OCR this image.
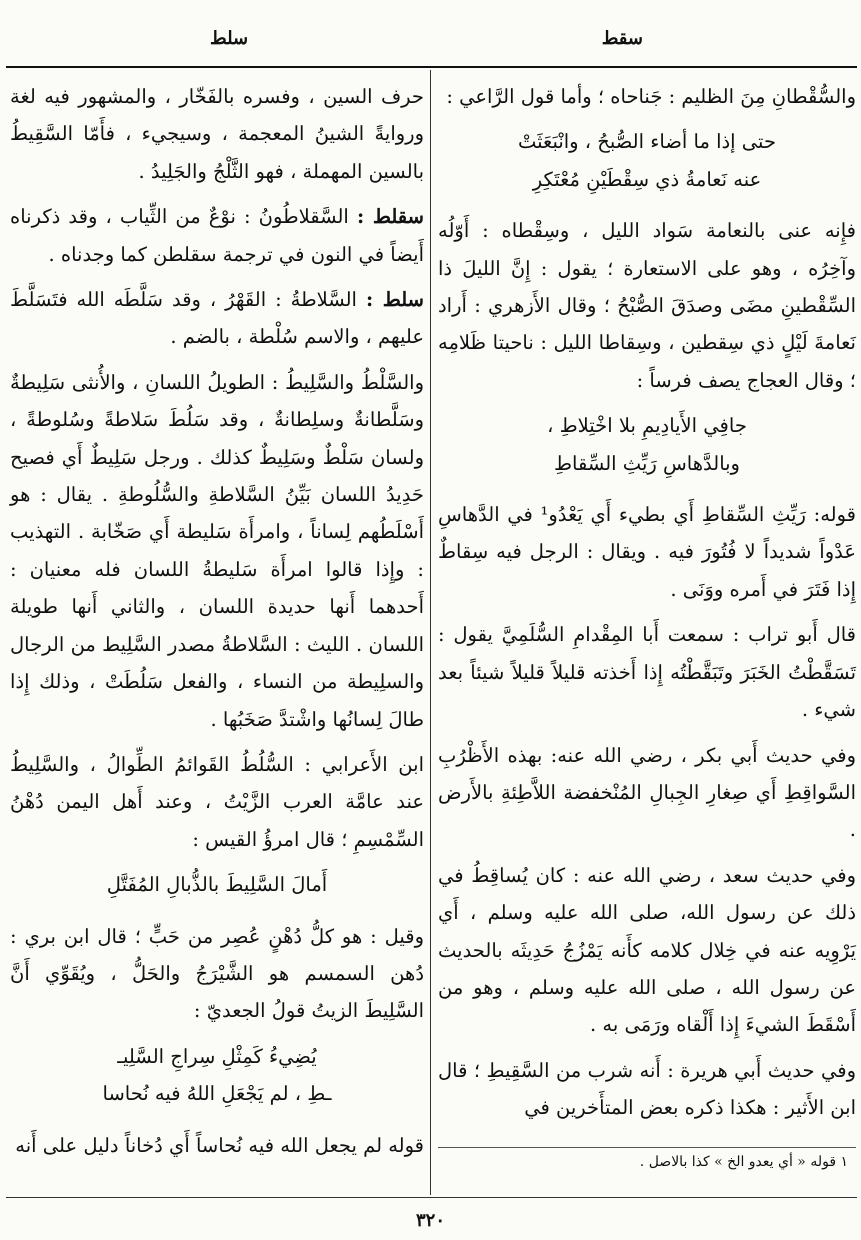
سقط
سلط

والسُّقْطانِ مِنَ الظليم : جَناحاه ؛ وأما قول الرَّاعي :

حتى إذا ما أضاء الصُّبحُ ، وانْبَعَثَتْ
عنه نَعامةُ ذي سِقْطَيْنِ مُعْتَكِرِ

فإِنه عنى بالنعامة سَواد الليل ، وسِقْطاه : أَوّلُه وآخِرُه ، وهو على الاستعارة ؛ يقول : إِنَّ الليلَ ذا السِّقْطينِ مضَى وصدَقَ الصُّبْحُ ؛ وقال الأَزهري : أَراد نَعامةَ لَيْلٍ ذي سِقطين ، وسِقاطا الليل : ناحيتا ظَلامِه ؛ وقال العجاج يصف فرساً :

جافِي الأَيادِيمِ بلا اخْتِلاطِ ،
وبالدَّهاسِ رَيِّثِ السِّقاطِ

قوله: رَيِّثِ السِّقاطِ أَي بطيء أَي يَعْدُو¹ في الدَّهاسِ عَدْواً شديداً لا فُتُورَ فيه . ويقال : الرجل فيه سِقاطٌ إِذا فَتَرَ في أَمره ووَنَى .

قال أَبو تراب : سمعت أَبا المِقْدامِ السُّلَمِيَّ يقول : تَسَقَّطْتُ الخَبَرَ وتَبَقَّطْتُه إِذا أَخذته قليلاً قليلاً شيئاً بعد شيء .

وفي حديث أَبي بكر ، رضي الله عنه: بهذه الأَظْرُبِ السَّواقِطِ أَي صِغارِ الجِبالِ المُنْخفضة اللاَّطِئةِ بالأَرض .

وفي حديث سعد ، رضي الله عنه : كان يُساقِطُ في ذلك عن رسول الله، صلى الله عليه وسلم ، أَي يَرْوِيه عنه في خِلال كلامه كأَنه يَمْزُجُ حَدِيثَه بالحديث عن رسول الله ، صلى الله عليه وسلم ، وهو من أَسْقَطَ الشيءَ إِذا أَلْقاه ورَمَى به .

وفي حديث أَبي هريرة : أَنه شرب من السَّقِيطِ ؛ قال ابن الأَثير : هكذا ذكره بعض المتأَخرين في

حرف السين ، وفسره بالفَخّار ، والمشهور فيه لغة وروايةً الشينُ المعجمة ، وسيجيء ، فأَمّا السَّقِيطُ بالسين المهملة ، فهو الثَّلْجُ والجَلِيدُ .

سقلط : السَّقلاطُونُ : نوْعٌ من الثِّياب ، وقد ذكرناه أَيضاً في النون في ترجمة سقلطن كما وجدناه .

سلط : السَّلاطةُ : القَهْرُ ، وقد سَلَّطَه الله فتَسَلَّطَ عليهم ، والاسم سُلْطة ، بالضم .

والسَّلْطُ والسَّلِيطُ : الطويلُ اللسانِ ، والأُنثى سَلِيطةٌ وسَلَّطانةٌ وسلِطانةٌ ، وقد سَلُطَ سَلاطةً وسُلوطةً ، ولسان سَلْطٌ وسَلِيطٌ كذلك . ورجل سَلِيطٌ أَي فصيح حَدِيدُ اللسان بَيِّنُ السَّلاطةِ والسُّلُوطةِ . يقال : هو أَسْلَطُهم لِساناً ، وامرأَة سَليطة أَي صَخّابة . التهذيب : وإِذا قالوا امرأَة سَليطةُ اللسان فله معنيان : أَحدهما أَنها حديدة اللسان ، والثاني أَنها طويلة اللسان . الليث : السَّلاطةُ مصدر السَّلِيط من الرجال والسلِيطة من النساء ، والفعل سَلُطَتْ ، وذلك إِذا طالَ لِسانُها واشْتدَّ صَخَبُها .

ابن الأَعرابي : السُّلُطُ القَوائمُ الطِّوالُ ، والسَّلِيطُ عند عامَّة العرب الزَّيْتُ ، وعند أَهل اليمن دُهْنُ السِّمْسِمِ ؛ قال امرؤُ القيس :

أَمالَ السَّلِيطَ بالذُّبالِ المُفَتَّلِ

وقيل : هو كلُّ دُهْنٍ عُصِر من حَبٍّ ؛ قال ابن بري : دُهن السمسم هو الشَّيْرَجُ والحَلُّ ، ويُقَوِّي أَنَّ السَّلِيطَ الزيتُ قولُ الجعديّ :

يُضِيءُ كَمِثْلِ سِراجِ السَّلِيـ
ـطِ ، لم يَجْعَلِ اللهُ فيه نُحاسا

قوله لم يجعل الله فيه نُحاساً أَي دُخاناً دليل على أَنه

١ قوله « أي يعدو الخ » كذا بالاصل .
٣٢٠
